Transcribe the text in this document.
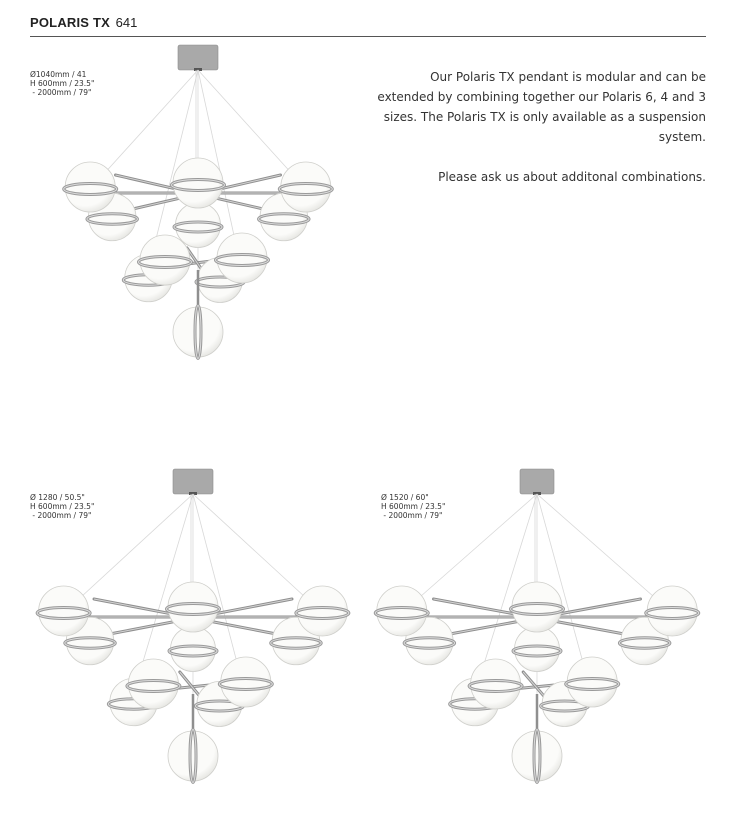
POLARIS TX 641

Our Polaris TX pendant is modular and can be extended by combining together our Polaris 6, 4 and 3 sizes. The Polaris TX is only available as a suspension system.

Please ask us about additonal combinations.

Ø1040mm / 41
H 600mm / 23.5"
- 2000mm / 79"
Ø 1280 / 50.5"
H 600mm / 23.5"
- 2000mm / 79"
Ø 1520 / 60"
H 600mm / 23.5"
- 2000mm / 79"
